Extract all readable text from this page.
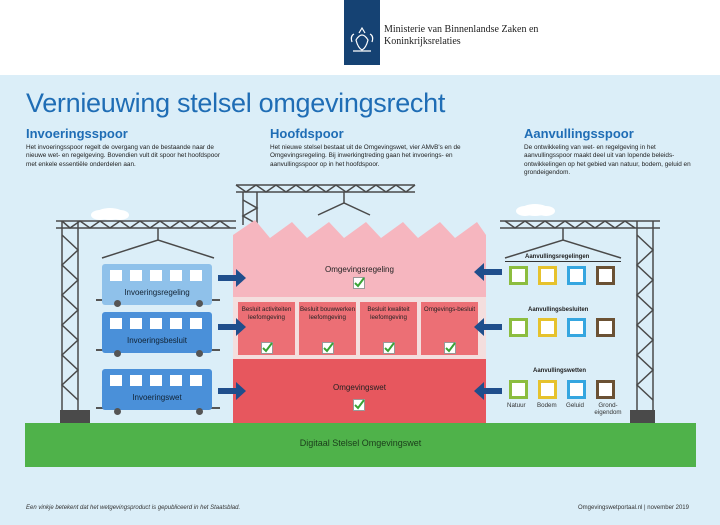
Ministerie van Binnenlandse Zaken en Koninkrijksrelaties
Vernieuwing stelsel omgevingsrecht
Invoeringsspoor
Het invoeringsspoor regelt de overgang van de bestaande naar de nieuwe wet- en regelgeving. Bovendien vult dit spoor het hoofdspoor met enkele essentiële onderdelen aan.
Hoofdspoor
Het nieuwe stelsel bestaat uit de Omgevingswet, vier AMvB's en de Omgevingsregeling. Bij inwerkingtreding gaan het invoerings- en aanvullingsspoor op in het hoofdspoor.
Aanvullingsspoor
De ontwikkeling van wet- en regelgeving in het aanvullingsspoor maakt deel uit van lopende beleids-ontwikkelingen op het gebied van natuur, bodem, geluid en grondeigendom.
Omgevingsregeling
Besluit activiteiten leefomgeving
Besluit bouwwerken leefomgeving
Besluit kwaliteit leefomgeving
Omgevings-besluit
Omgevingswet
Digitaal Stelsel Omgevingswet
Invoeringsregeling
Invoeringsbesluit
Invoeringswet
Aanvullingsregelingen
Aanvullingsbesluiten
Aanvullingswetten
Natuur Bodem Geluid	Grond-eigendom
Een vinkje betekent dat het wetgevingsproduct is gepubliceerd in het Staatsblad.	Omgevingswetportaal.nl | november 2019
